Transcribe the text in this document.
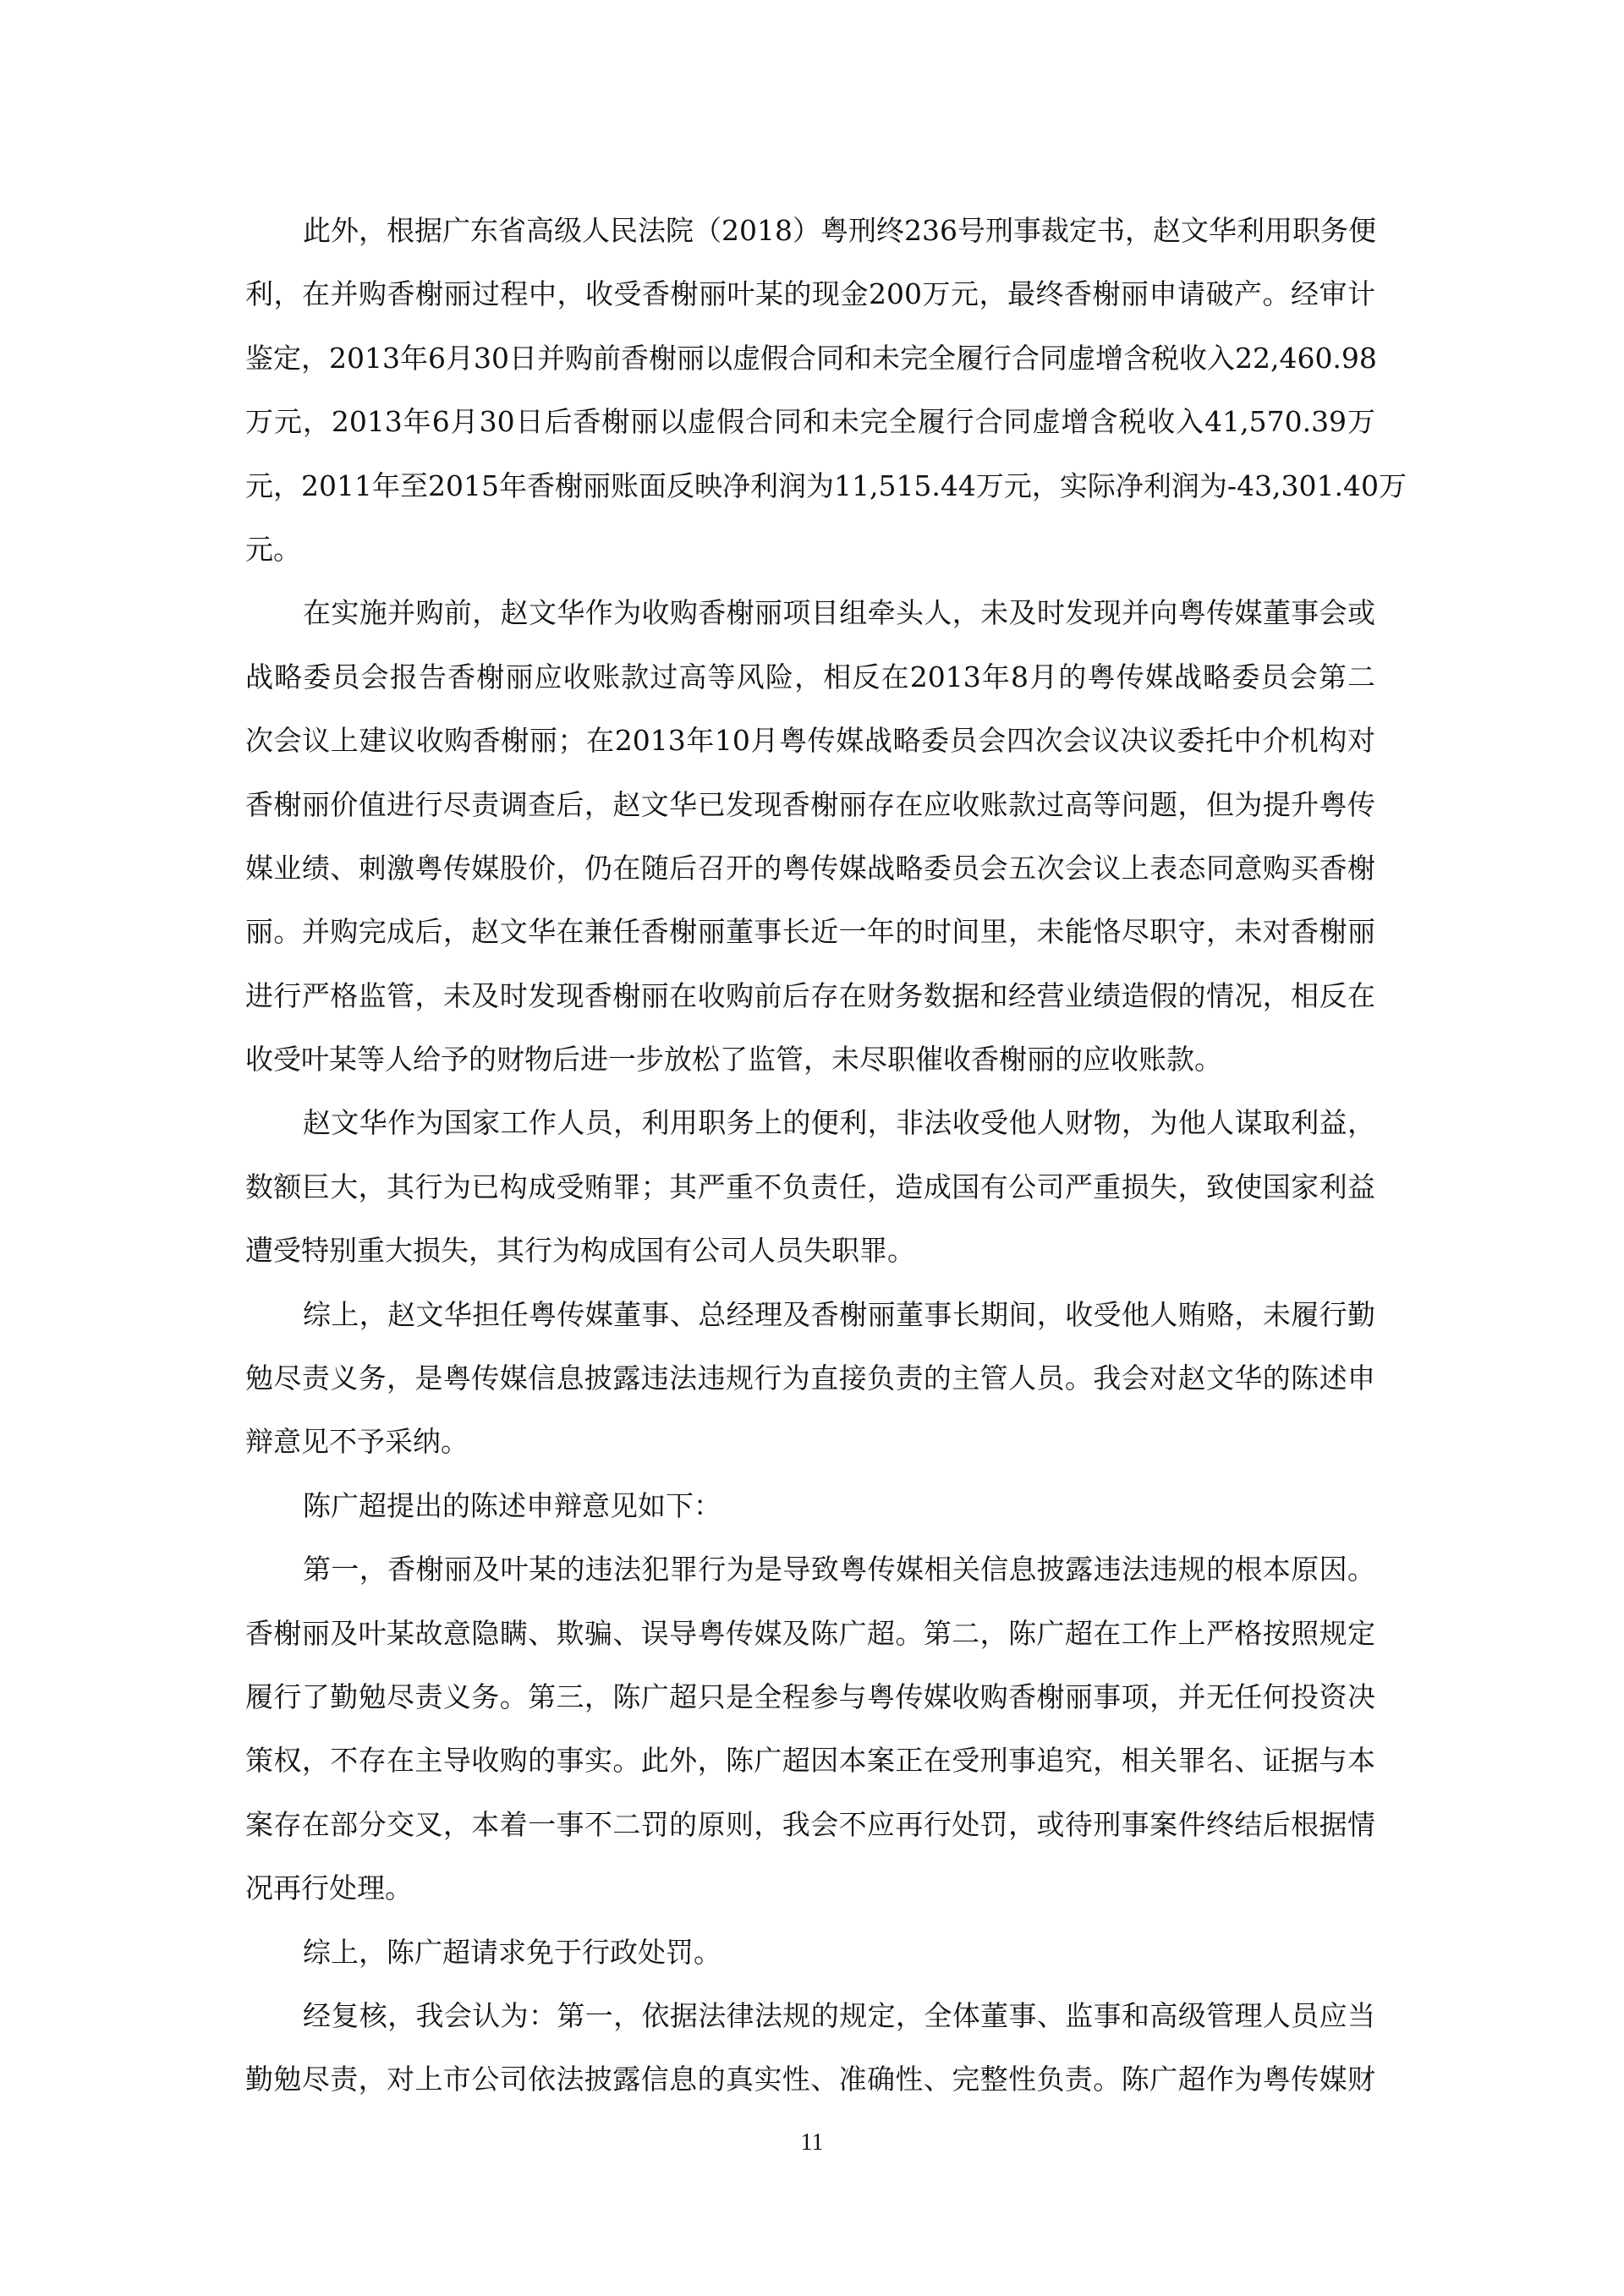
此外，根据广东省高级人民法院（2018）粤刑终236号刑事裁定书，赵文华利用职务便
利，在并购香榭丽过程中，收受香榭丽叶某的现金200万元，最终香榭丽申请破产。经审计
鉴定，2013年6月30日并购前香榭丽以虚假合同和未完全履行合同虚增含税收入22,460.98
万元，2013年6月30日后香榭丽以虚假合同和未完全履行合同虚增含税收入41,570.39万
元，2011年至2015年香榭丽账面反映净利润为11,515.44万元，实际净利润为-43,301.40万
元。
在实施并购前，赵文华作为收购香榭丽项目组牵头人，未及时发现并向粤传媒董事会或
战略委员会报告香榭丽应收账款过高等风险，相反在2013年8月的粤传媒战略委员会第二
次会议上建议收购香榭丽；在2013年10月粤传媒战略委员会四次会议决议委托中介机构对
香榭丽价值进行尽责调查后，赵文华已发现香榭丽存在应收账款过高等问题，但为提升粤传
媒业绩、刺激粤传媒股价，仍在随后召开的粤传媒战略委员会五次会议上表态同意购买香榭
丽。并购完成后，赵文华在兼任香榭丽董事长近一年的时间里，未能恪尽职守，未对香榭丽
进行严格监管，未及时发现香榭丽在收购前后存在财务数据和经营业绩造假的情况，相反在
收受叶某等人给予的财物后进一步放松了监管，未尽职催收香榭丽的应收账款。
赵文华作为国家工作人员，利用职务上的便利，非法收受他人财物，为他人谋取利益，
数额巨大，其行为已构成受贿罪；其严重不负责任，造成国有公司严重损失，致使国家利益
遭受特别重大损失，其行为构成国有公司人员失职罪。
综上，赵文华担任粤传媒董事、总经理及香榭丽董事长期间，收受他人贿赂，未履行勤
勉尽责义务，是粤传媒信息披露违法违规行为直接负责的主管人员。我会对赵文华的陈述申
辩意见不予采纳。
陈广超提出的陈述申辩意见如下：
第一，香榭丽及叶某的违法犯罪行为是导致粤传媒相关信息披露违法违规的根本原因。
香榭丽及叶某故意隐瞒、欺骗、误导粤传媒及陈广超。第二，陈广超在工作上严格按照规定
履行了勤勉尽责义务。第三，陈广超只是全程参与粤传媒收购香榭丽事项，并无任何投资决
策权，不存在主导收购的事实。此外，陈广超因本案正在受刑事追究，相关罪名、证据与本
案存在部分交叉，本着一事不二罚的原则，我会不应再行处罚，或待刑事案件终结后根据情
况再行处理。
综上，陈广超请求免于行政处罚。
经复核，我会认为：第一，依据法律法规的规定，全体董事、监事和高级管理人员应当
勤勉尽责，对上市公司依法披露信息的真实性、准确性、完整性负责。陈广超作为粤传媒财
11
